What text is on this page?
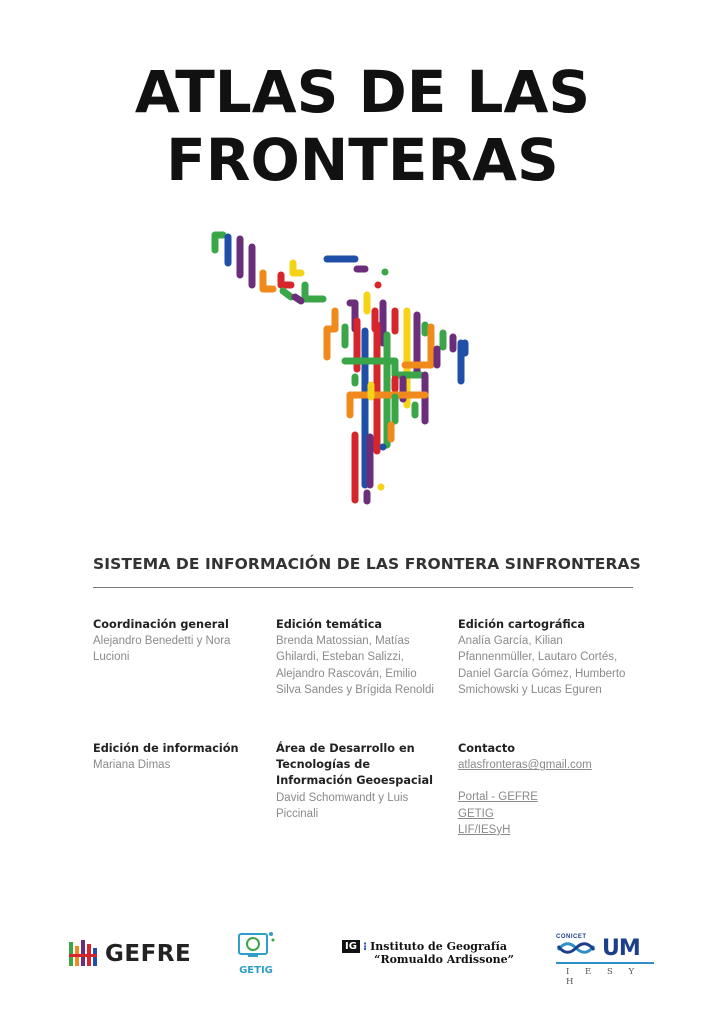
ATLAS DE LAS
FRONTERAS
SISTEMA DE INFORMACIÓN DE LAS FRONTERA SINFRONTERAS
Coordinación general
Alejandro Benedetti y Nora Lucioni
Edición temática
Brenda Matossian, Matías Ghilardi, Esteban Salizzi, Alejandro Rascován, Emilio Silva Sandes y Brígida Renoldi
Edición cartográfica
Analía García, Kilian Pfannenmüller, Lautaro Cortés, Daniel García Gómez, Humberto Smichowski y Lucas Eguren
Edición de información
Mariana Dimas
Área de Desarrollo en Tecnologías de Información Geoespacial
David Schomwandt y Luis Piccinali
Contacto
atlasfronteras@gmail.com
Portal - GEFRE
GETIG
LIF/IESyH
GEFRE
GETIG
IG ⁝ Instituto de Geografía
“Romualdo Ardissone”
CONICET UM
I E S Y H
